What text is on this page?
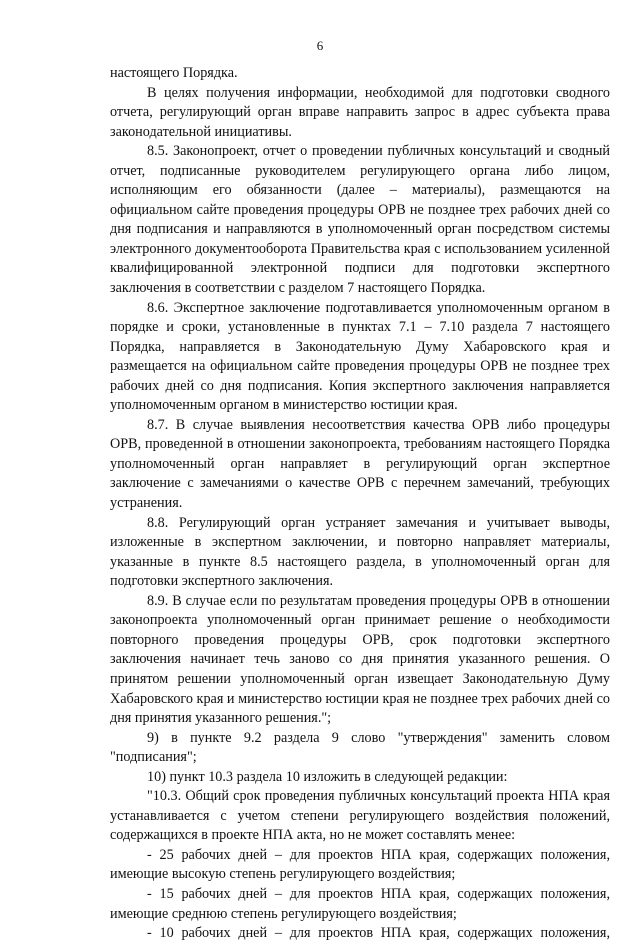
6

настоящего Порядка.

В целях получения информации, необходимой для подготовки сводного отчета, регулирующий орган вправе направить запрос в адрес субъекта права законодательной инициативы.

8.5. Законопроект, отчет о проведении публичных консультаций и сводный отчет, подписанные руководителем регулирующего органа либо лицом, исполняющим его обязанности (далее – материалы), размещаются на официальном сайте проведения процедуры ОРВ не позднее трех рабочих дней со дня подписания и направляются в уполномоченный орган посредством системы электронного документооборота Правительства края с использованием усиленной квалифицированной электронной подписи для подготовки экспертного заключения в соответствии с разделом 7 настоящего Порядка.

8.6. Экспертное заключение подготавливается уполномоченным органом в порядке и сроки, установленные в пунктах 7.1 – 7.10 раздела 7 настоящего Порядка, направляется в Законодательную Думу Хабаровского края и размещается на официальном сайте проведения процедуры ОРВ не позднее трех рабочих дней со дня подписания. Копия экспертного заключения направляется уполномоченным органом в министерство юстиции края.

8.7. В случае выявления несоответствия качества ОРВ либо процедуры ОРВ, проведенной в отношении законопроекта, требованиям настоящего Порядка уполномоченный орган направляет в регулирующий орган экспертное заключение с замечаниями о качестве ОРВ с перечнем замечаний, требующих устранения.

8.8. Регулирующий орган устраняет замечания и учитывает выводы, изложенные в экспертном заключении, и повторно направляет материалы, указанные в пункте 8.5 настоящего раздела, в уполномоченный орган для подготовки экспертного заключения.

8.9. В случае если по результатам проведения процедуры ОРВ в отношении законопроекта уполномоченный орган принимает решение о необходимости повторного проведения процедуры ОРВ, срок подготовки экспертного заключения начинает течь заново со дня принятия указанного решения. О принятом решении уполномоченный орган извещает Законодательную Думу Хабаровского края и министерство юстиции края не позднее трех рабочих дней со дня принятия указанного решения.";

9) в пункте 9.2 раздела 9 слово "утверждения" заменить словом "подписания";

10) пункт 10.3 раздела 10 изложить в следующей редакции:

"10.3. Общий срок проведения публичных консультаций проекта НПА края устанавливается с учетом степени регулирующего воздействия положений, содержащихся в проекте НПА акта, но не может составлять менее:

- 25 рабочих дней – для проектов НПА края, содержащих положения, имеющие высокую степень регулирующего воздействия;

- 15 рабочих дней – для проектов НПА края, содержащих положения, имеющие среднюю степень регулирующего воздействия;

- 10 рабочих дней – для проектов НПА края, содержащих положения,
